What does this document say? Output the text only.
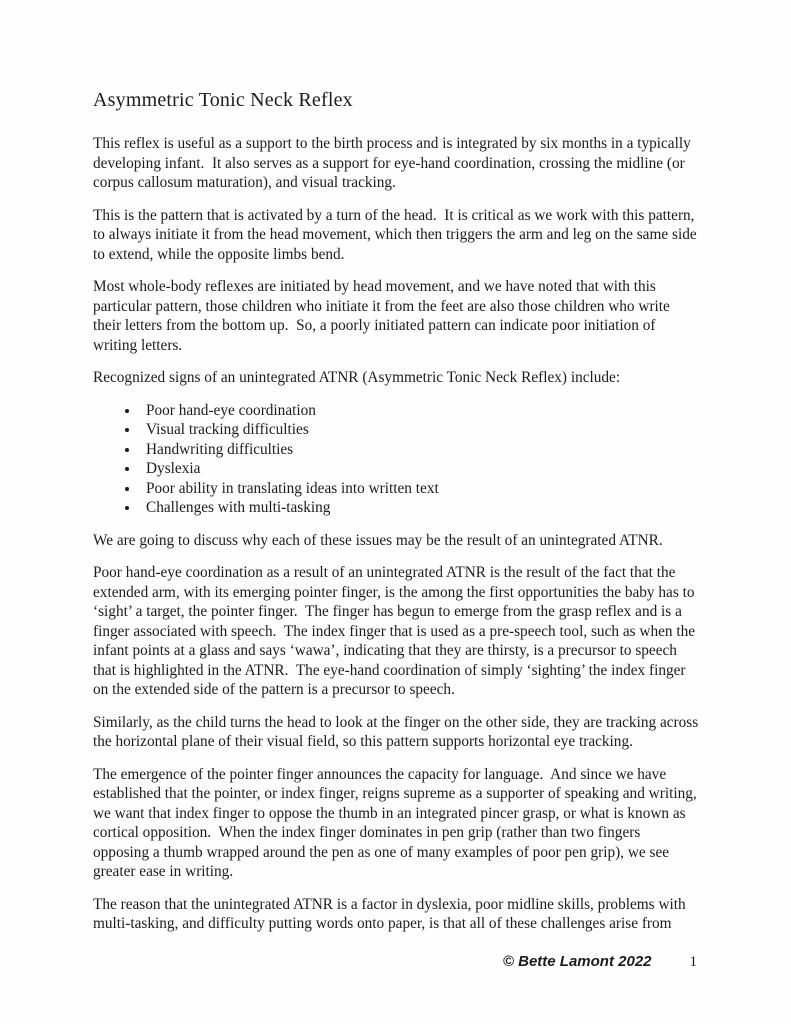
Asymmetric Tonic Neck Reflex

This reflex is useful as a support to the birth process and is integrated by six months in a typically developing infant.  It also serves as a support for eye-hand coordination, crossing the midline (or corpus callosum maturation), and visual tracking.

This is the pattern that is activated by a turn of the head.  It is critical as we work with this pattern, to always initiate it from the head movement, which then triggers the arm and leg on the same side to extend, while the opposite limbs bend.

Most whole-body reflexes are initiated by head movement, and we have noted that with this particular pattern, those children who initiate it from the feet are also those children who write their letters from the bottom up.  So, a poorly initiated pattern can indicate poor initiation of writing letters.

Recognized signs of an unintegrated ATNR (Asymmetric Tonic Neck Reflex) include:

• Poor hand-eye coordination
• Visual tracking difficulties
• Handwriting difficulties
• Dyslexia
• Poor ability in translating ideas into written text
• Challenges with multi-tasking

We are going to discuss why each of these issues may be the result of an unintegrated ATNR.

Poor hand-eye coordination as a result of an unintegrated ATNR is the result of the fact that the extended arm, with its emerging pointer finger, is the among the first opportunities the baby has to ‘sight’ a target, the pointer finger.  The finger has begun to emerge from the grasp reflex and is a finger associated with speech.  The index finger that is used as a pre-speech tool, such as when the infant points at a glass and says ‘wawa’, indicating that they are thirsty, is a precursor to speech that is highlighted in the ATNR.  The eye-hand coordination of simply ‘sighting’ the index finger on the extended side of the pattern is a precursor to speech.

Similarly, as the child turns the head to look at the finger on the other side, they are tracking across the horizontal plane of their visual field, so this pattern supports horizontal eye tracking.

The emergence of the pointer finger announces the capacity for language.  And since we have established that the pointer, or index finger, reigns supreme as a supporter of speaking and writing, we want that index finger to oppose the thumb in an integrated pincer grasp, or what is known as cortical opposition.  When the index finger dominates in pen grip (rather than two fingers opposing a thumb wrapped around the pen as one of many examples of poor pen grip), we see greater ease in writing.

The reason that the unintegrated ATNR is a factor in dyslexia, poor midline skills, problems with multi-tasking, and difficulty putting words onto paper, is that all of these challenges arise from

© Bette Lamont 2022	1
